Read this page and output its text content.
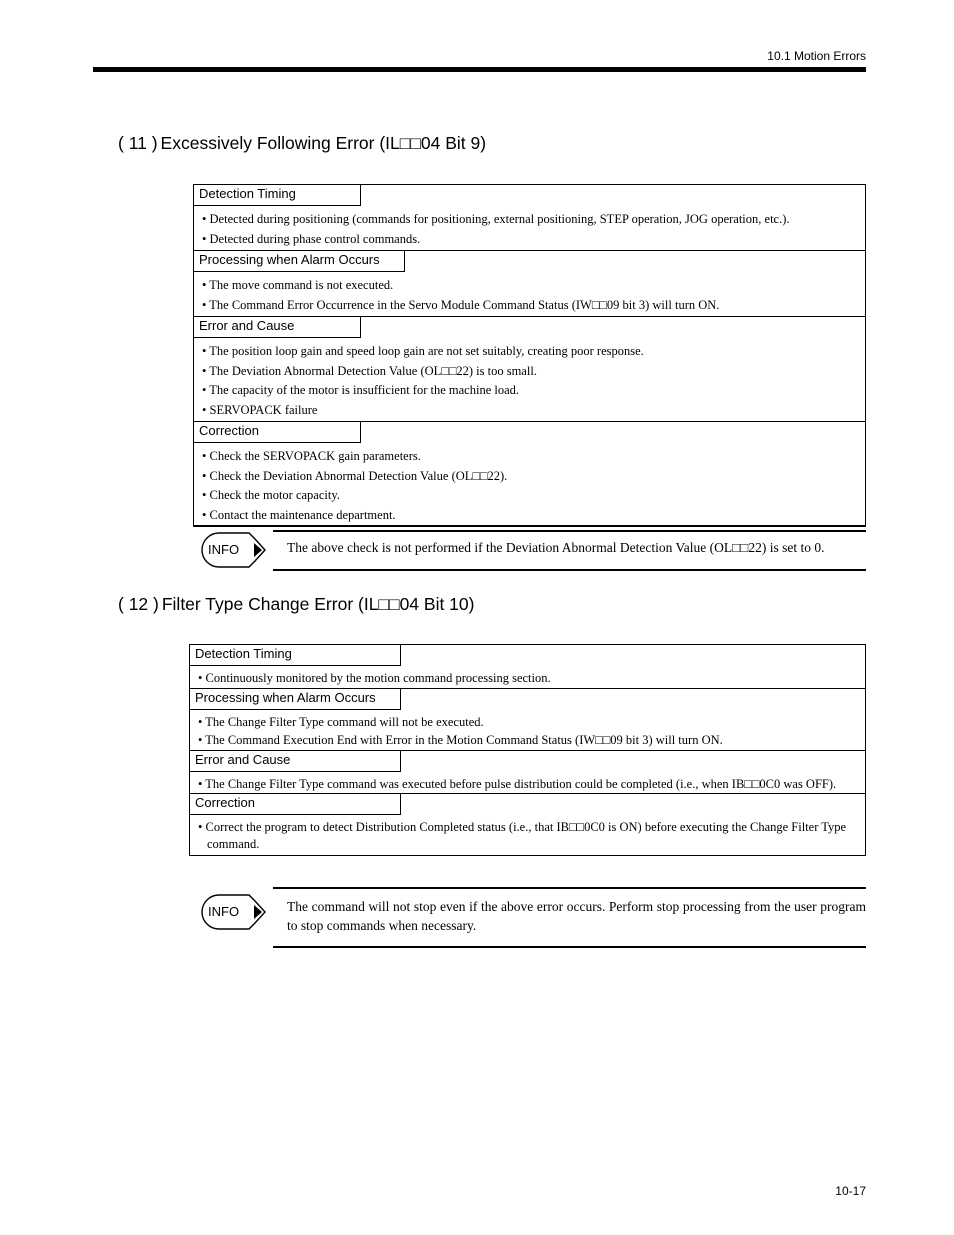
10.1 Motion Errors
( 11 ) Excessively Following Error (IL□□04 Bit 9)
Detection Timing
• Detected during positioning (commands for positioning, external positioning, STEP operation, JOG operation, etc.).
• Detected during phase control commands.
Processing when Alarm Occurs
• The move command is not executed.
• The Command Error Occurrence in the Servo Module Command Status (IW□□09 bit 3) will turn ON.
Error and Cause
• The position loop gain and speed loop gain are not set suitably, creating poor response.
• The Deviation Abnormal Detection Value (OL□□22) is too small.
• The capacity of the motor is insufficient for the machine load.
• SERVOPACK failure
Correction
• Check the SERVOPACK gain parameters.
• Check the Deviation Abnormal Detection Value (OL□□22).
• Check the motor capacity.
• Contact the maintenance department.
INFO	The above check is not performed if the Deviation Abnormal Detection Value (OL□□22) is set to 0.
( 12 ) Filter Type Change Error (IL□□04 Bit 10)
Detection Timing
• Continuously monitored by the motion command processing section.
Processing when Alarm Occurs
• The Change Filter Type command will not be executed.
• The Command Execution End with Error in the Motion Command Status (IW□□09 bit 3) will turn ON.
Error and Cause
• The Change Filter Type command was executed before pulse distribution could be completed (i.e., when IB□□0C0 was OFF).
Correction
• Correct the program to detect Distribution Completed status (i.e., that IB□□0C0 is ON) before executing the Change Filter Type command.
INFO	The command will not stop even if the above error occurs. Perform stop processing from the user program to stop commands when necessary.
10-17
